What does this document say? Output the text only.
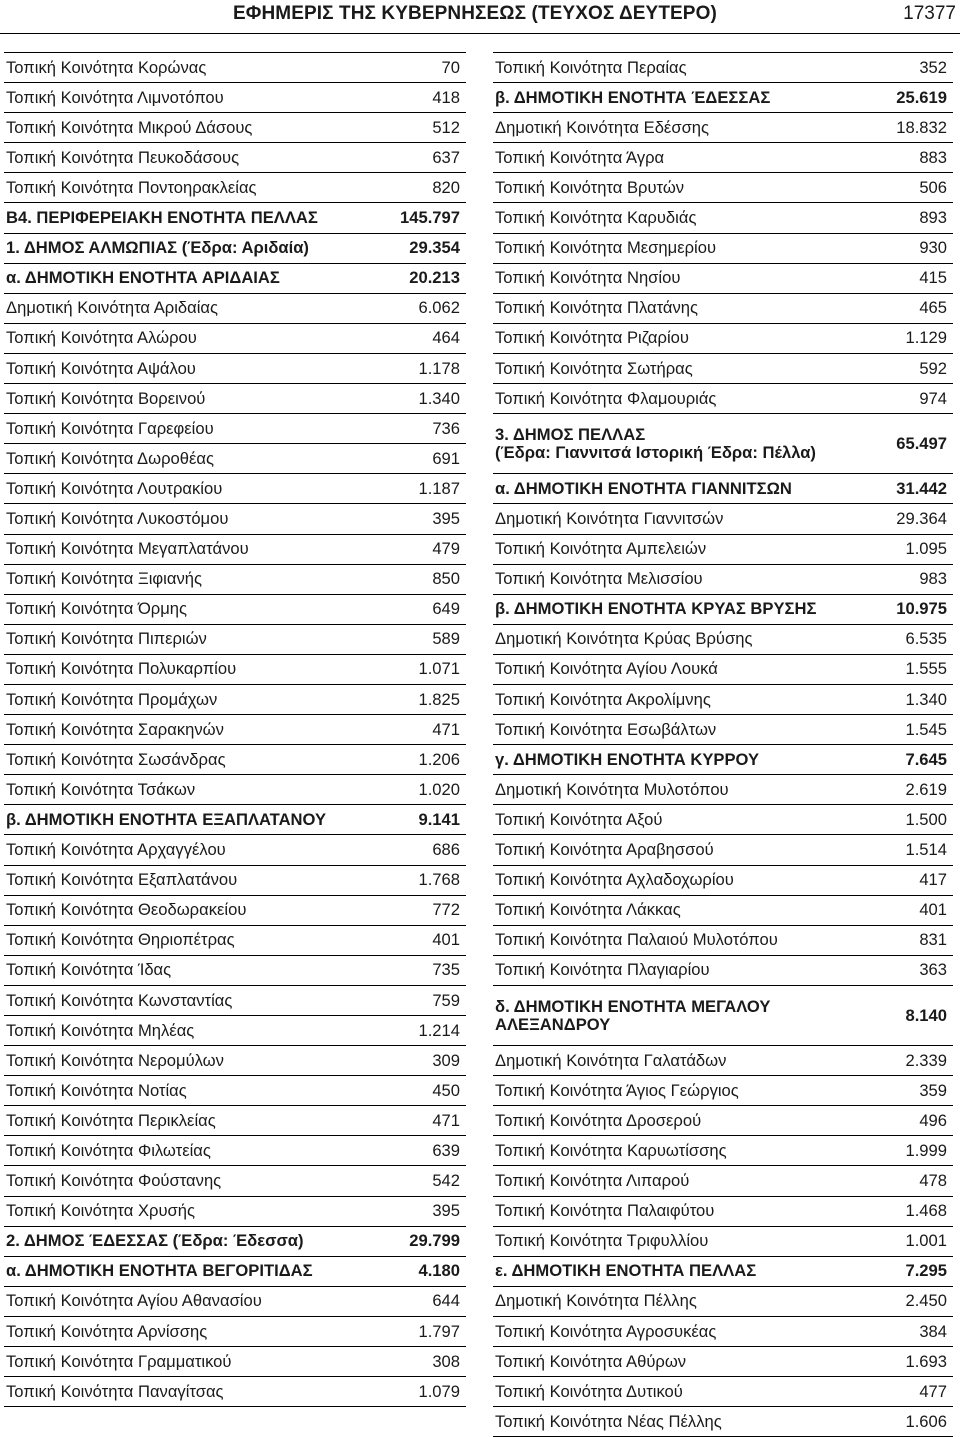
ΕΦΗΜΕΡΙΣ ΤΗΣ ΚΥΒΕΡΝΗΣΕΩΣ (ΤΕΥΧΟΣ ΔΕΥΤΕΡΟ)	17377
Τοπική Κοινότητα Κορώνας	70
Τοπική Κοινότητα Λιμνοτόπου	418
Τοπική Κοινότητα Μικρού Δάσους	512
Τοπική Κοινότητα Πευκοδάσους	637
Τοπική Κοινότητα Ποντοηρακλείας	820
Β4. ΠΕΡΙΦΕΡΕΙΑΚΗ ΕΝΟΤΗΤΑ ΠΕΛΛΑΣ	145.797
1. ΔΗΜΟΣ ΑΛΜΩΠΙΑΣ (Έδρα: Αριδαία)	29.354
α. ΔΗΜΟΤΙΚΗ ΕΝΟΤΗΤΑ ΑΡΙΔΑΙΑΣ	20.213
Δημοτική Κοινότητα Αριδαίας	6.062
Τοπική Κοινότητα Αλώρου	464
Τοπική Κοινότητα Αψάλου	1.178
Τοπική Κοινότητα Βορεινού	1.340
Τοπική Κοινότητα Γαρεφείου	736
Τοπική Κοινότητα Δωροθέας	691
Τοπική Κοινότητα Λουτρακίου	1.187
Τοπική Κοινότητα Λυκοστόμου	395
Τοπική Κοινότητα Μεγαπλατάνου	479
Τοπική Κοινότητα Ξιφιανής	850
Τοπική Κοινότητα Όρμης	649
Τοπική Κοινότητα Πιπεριών	589
Τοπική Κοινότητα Πολυκαρπίου	1.071
Τοπική Κοινότητα Προμάχων	1.825
Τοπική Κοινότητα Σαρακηνών	471
Τοπική Κοινότητα Σωσάνδρας	1.206
Τοπική Κοινότητα Τσάκων	1.020
β. ΔΗΜΟΤΙΚΗ ΕΝΟΤΗΤΑ ΕΞΑΠΛΑΤΑΝΟΥ	9.141
Τοπική Κοινότητα Αρχαγγέλου	686
Τοπική Κοινότητα Εξαπλατάνου	1.768
Τοπική Κοινότητα Θεοδωρακείου	772
Τοπική Κοινότητα Θηριοπέτρας	401
Τοπική Κοινότητα Ίδας	735
Τοπική Κοινότητα Κωνσταντίας	759
Τοπική Κοινότητα Μηλέας	1.214
Τοπική Κοινότητα Νερομύλων	309
Τοπική Κοινότητα Νοτίας	450
Τοπική Κοινότητα Περικλείας	471
Τοπική Κοινότητα Φιλωτείας	639
Τοπική Κοινότητα Φούστανης	542
Τοπική Κοινότητα Χρυσής	395
2. ΔΗΜΟΣ ΈΔΕΣΣΑΣ (Έδρα: Έδεσσα)	29.799
α. ΔΗΜΟΤΙΚΗ ΕΝΟΤΗΤΑ ΒΕΓΟΡΙΤΙΔΑΣ	4.180
Τοπική Κοινότητα Αγίου Αθανασίου	644
Τοπική Κοινότητα Αρνίσσης	1.797
Τοπική Κοινότητα Γραμματικού	308
Τοπική Κοινότητα Παναγίτσας	1.079
Τοπική Κοινότητα Περαίας	352
β. ΔΗΜΟΤΙΚΗ ΕΝΟΤΗΤΑ ΈΔΕΣΣΑΣ	25.619
Δημοτική Κοινότητα Εδέσσης	18.832
Τοπική Κοινότητα Άγρα	883
Τοπική Κοινότητα Βρυτών	506
Τοπική Κοινότητα Καρυδιάς	893
Τοπική Κοινότητα Μεσημερίου	930
Τοπική Κοινότητα Νησίου	415
Τοπική Κοινότητα Πλατάνης	465
Τοπική Κοινότητα Ριζαρίου	1.129
Τοπική Κοινότητα Σωτήρας	592
Τοπική Κοινότητα Φλαμουριάς	974
3. ΔΗΜΟΣ ΠΕΛΛΑΣ
(Έδρα: Γιαννιτσά Ιστορική Έδρα: Πέλλα)	65.497
α. ΔΗΜΟΤΙΚΗ ΕΝΟΤΗΤΑ ΓΙΑΝΝΙΤΣΩΝ	31.442
Δημοτική Κοινότητα Γιαννιτσών	29.364
Τοπική Κοινότητα Αμπελειών	1.095
Τοπική Κοινότητα Μελισσίου	983
β. ΔΗΜΟΤΙΚΗ ΕΝΟΤΗΤΑ ΚΡΥΑΣ ΒΡΥΣΗΣ	10.975
Δημοτική Κοινότητα Κρύας Βρύσης	6.535
Τοπική Κοινότητα Αγίου Λουκά	1.555
Τοπική Κοινότητα Ακρολίμνης	1.340
Τοπική Κοινότητα Εσωβάλτων	1.545
γ. ΔΗΜΟΤΙΚΗ ΕΝΟΤΗΤΑ ΚΥΡΡΟΥ	7.645
Δημοτική Κοινότητα Μυλοτόπου	2.619
Τοπική Κοινότητα Αξού	1.500
Τοπική Κοινότητα Αραβησσού	1.514
Τοπική Κοινότητα Αχλαδοχωρίου	417
Τοπική Κοινότητα Λάκκας	401
Τοπική Κοινότητα Παλαιού Μυλοτόπου	831
Τοπική Κοινότητα Πλαγιαρίου	363
δ. ΔΗΜΟΤΙΚΗ ΕΝΟΤΗΤΑ ΜΕΓΑΛΟΥ
ΑΛΕΞΑΝΔΡΟΥ	8.140
Δημοτική Κοινότητα Γαλατάδων	2.339
Τοπική Κοινότητα Άγιος Γεώργιος	359
Τοπική Κοινότητα Δροσερού	496
Τοπική Κοινότητα Καρυωτίσσης	1.999
Τοπική Κοινότητα Λιπαρού	478
Τοπική Κοινότητα Παλαιφύτου	1.468
Τοπική Κοινότητα Τριφυλλίου	1.001
ε. ΔΗΜΟΤΙΚΗ ΕΝΟΤΗΤΑ ΠΕΛΛΑΣ	7.295
Δημοτική Κοινότητα Πέλλης	2.450
Τοπική Κοινότητα Αγροσυκέας	384
Τοπική Κοινότητα Αθύρων	1.693
Τοπική Κοινότητα Δυτικού	477
Τοπική Κοινότητα Νέας Πέλλης	1.606
